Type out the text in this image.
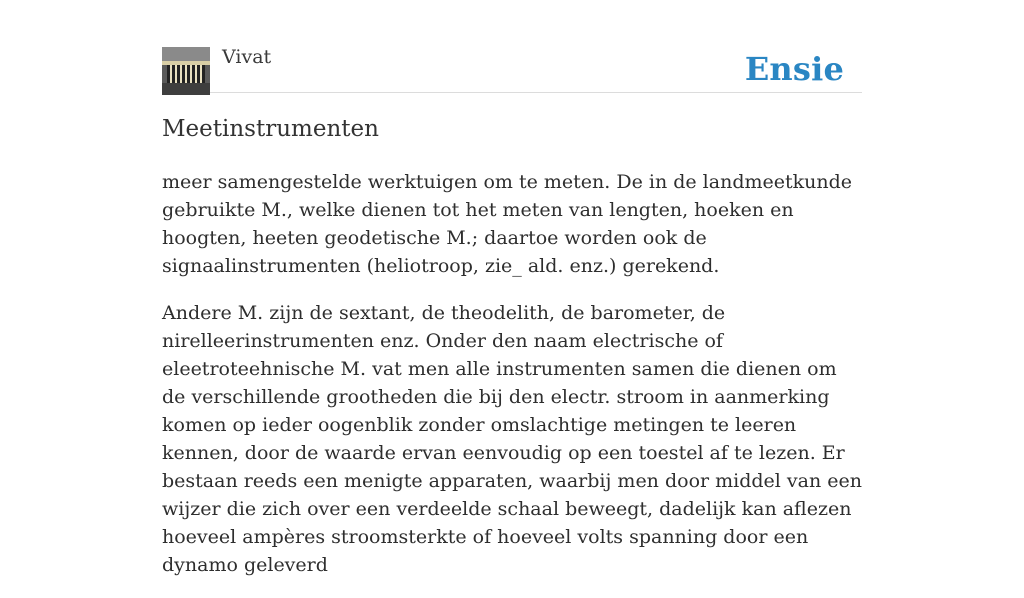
Vivat	Ensie
Meetinstrumenten

meer samengestelde werktuigen om te meten. De in de landmeetkunde gebruikte M., welke dienen tot het meten van lengten, hoeken en hoogten, heeten geodetische M.; daartoe worden ook de signaalinstrumenten (heliotroop, zie_ ald. enz.) gerekend.

Andere M. zijn de sextant, de theodelith, de barometer, de nirelleerinstrumenten enz. Onder den naam electrische of eleetroteehnische M. vat men alle instrumenten samen die dienen om de verschillende grootheden die bij den electr. stroom in aanmerking komen op ieder oogenblik zonder omslachtige metingen te leeren kennen, door de waarde ervan eenvoudig op een toestel af te lezen. Er bestaan reeds een menigte apparaten, waarbij men door middel van een wijzer die zich over een verdeelde schaal beweegt, dadelijk kan aflezen hoeveel ampères stroomsterkte of hoeveel volts spanning door een dynamo geleverd
